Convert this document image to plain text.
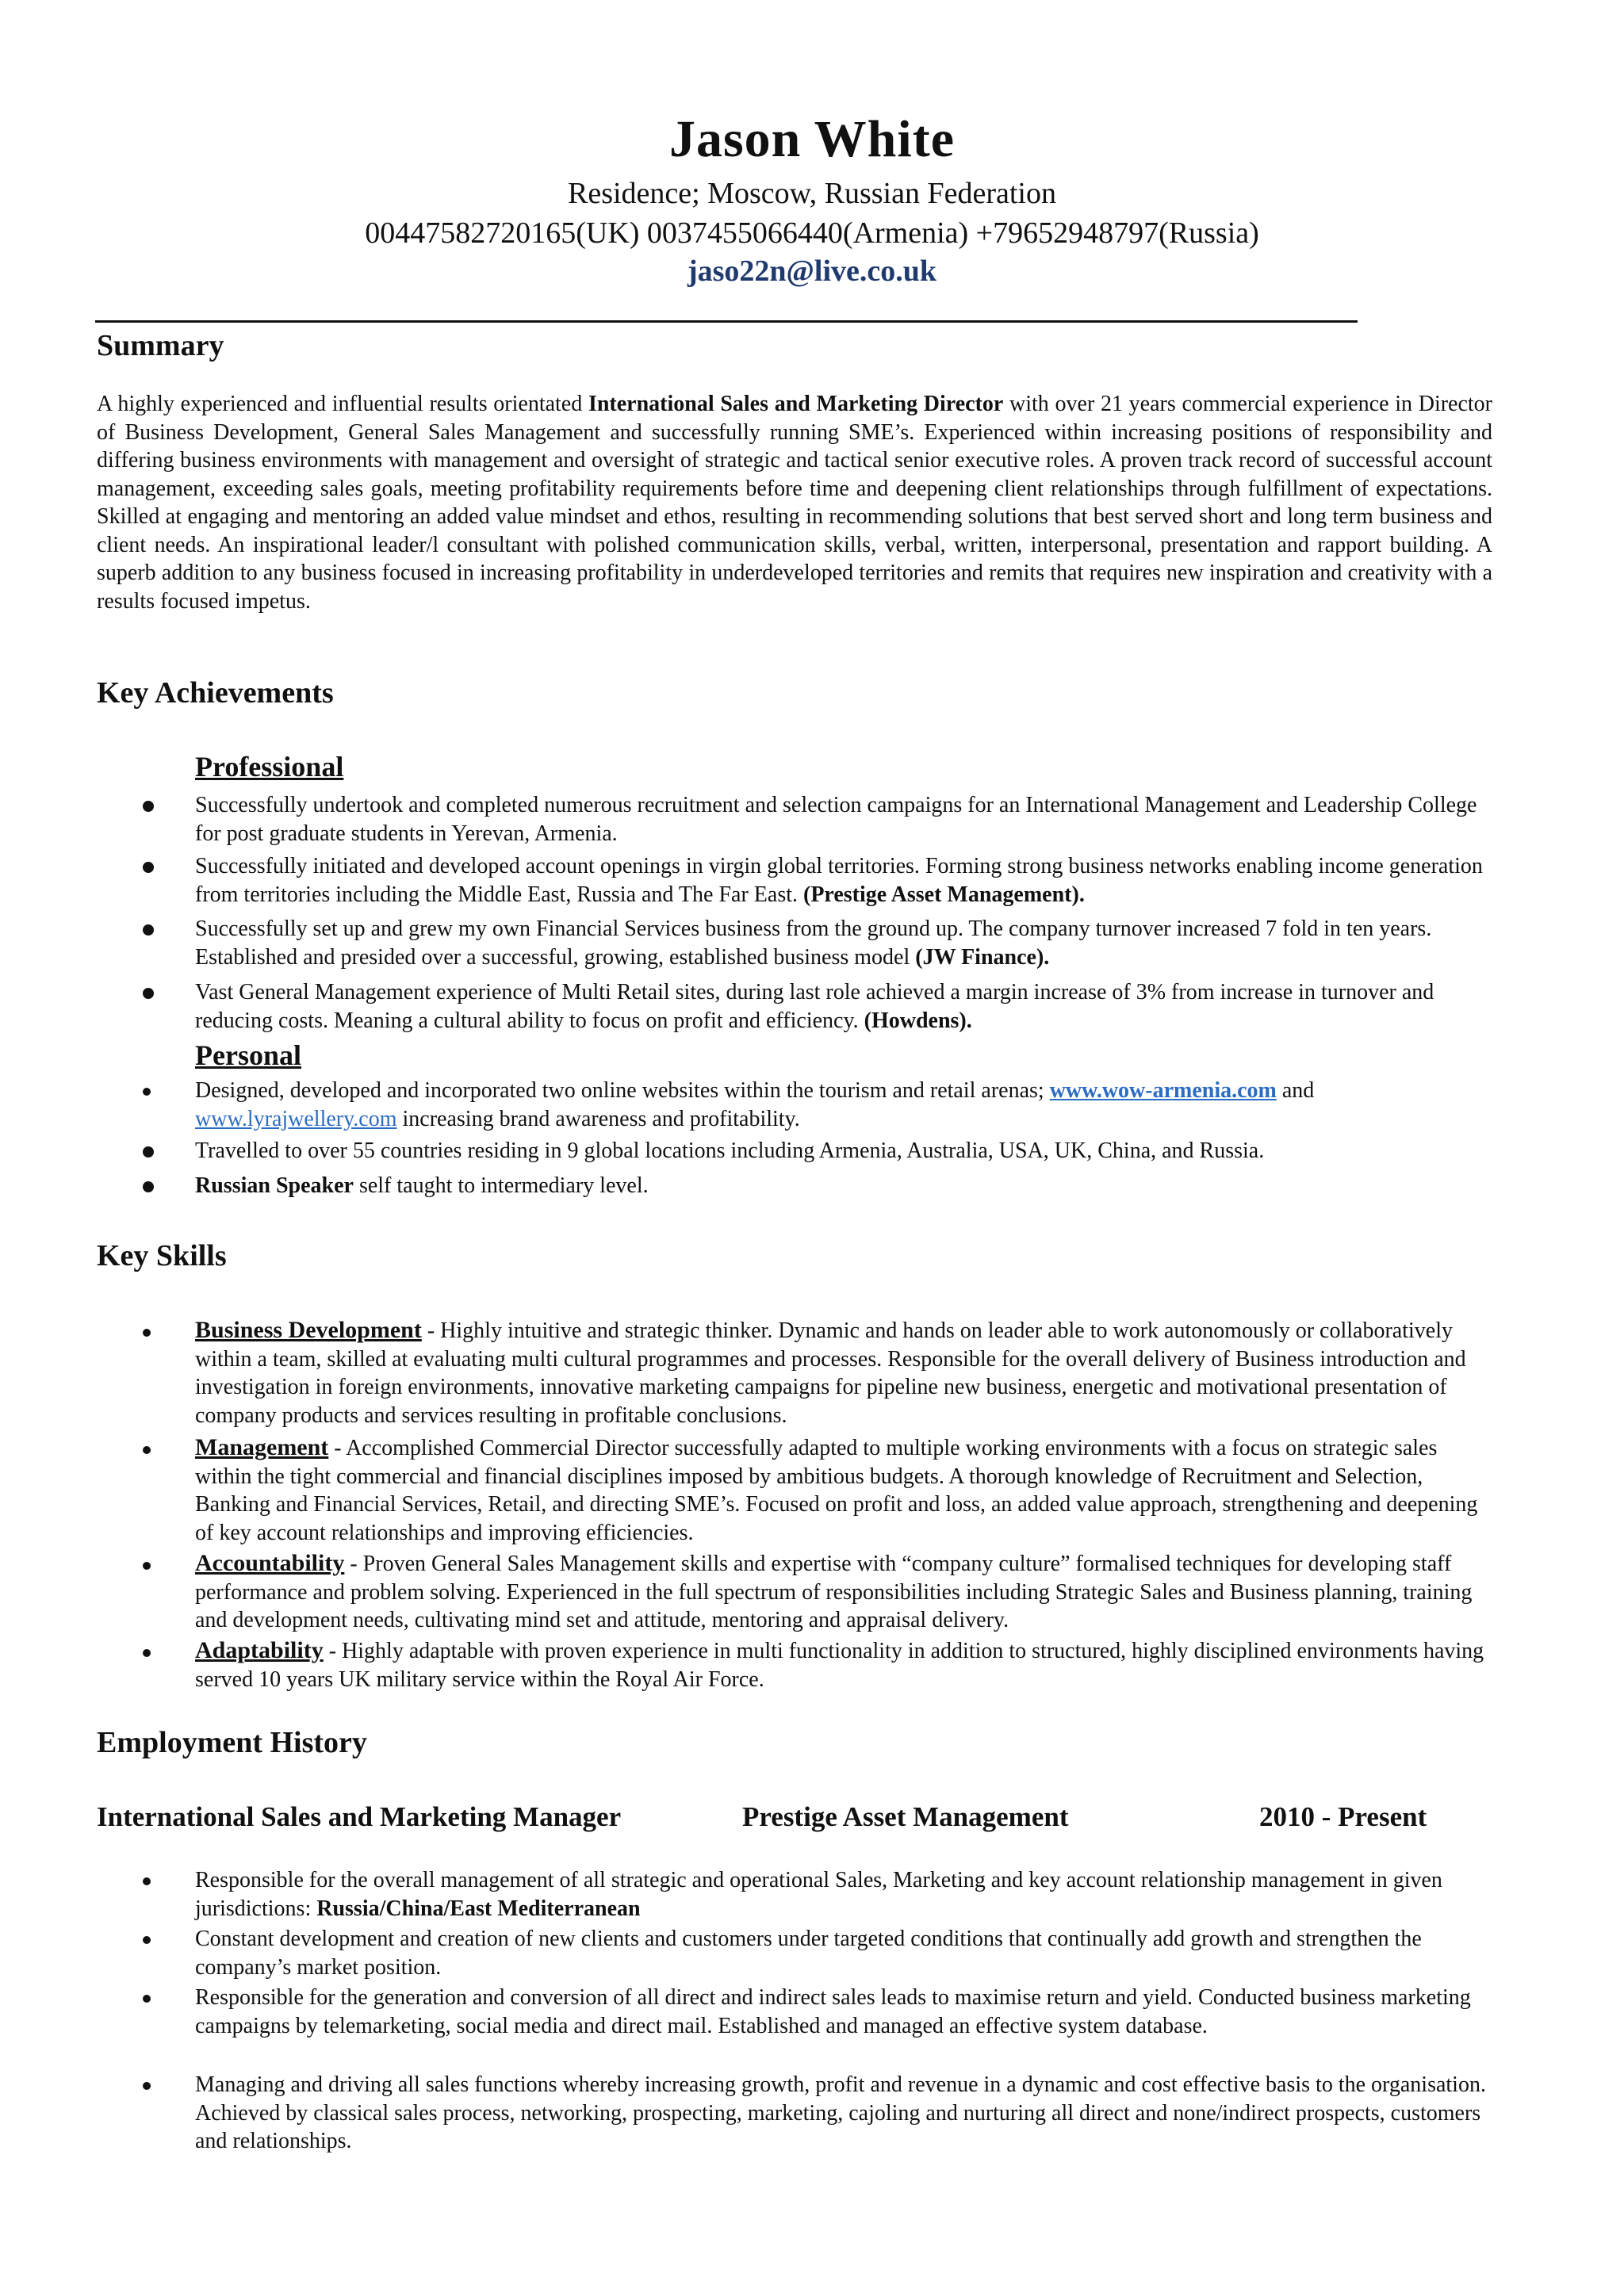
Jason White
Residence; Moscow, Russian Federation
00447582720165(UK) 0037455066440(Armenia) +79652948797(Russia)
jaso22n@live.co.uk
Summary
A highly experienced and influential results orientated International Sales and Marketing Director with over 21 years commercial experience in Director of Business Development, General Sales Management and successfully running SME’s. Experienced within increasing positions of responsibility and differing business environments with management and oversight of strategic and tactical senior executive roles. A proven track record of successful account management, exceeding sales goals, meeting profitability requirements before time and deepening client relationships through fulfillment of expectations. Skilled at engaging and mentoring an added value mindset and ethos, resulting in recommending solutions that best served short and long term business and client needs. An inspirational leader/l consultant with polished communication skills, verbal, written, interpersonal, presentation and rapport building. A superb addition to any business focused in increasing profitability in underdeveloped territories and remits that requires new inspiration and creativity with a results focused impetus.
Key Achievements
Professional
Successfully undertook and completed numerous recruitment and selection campaigns for an International Management and Leadership College for post graduate students in Yerevan, Armenia.
Successfully initiated and developed account openings in virgin global territories. Forming strong business networks enabling income generation from territories including the Middle East, Russia and The Far East. (Prestige Asset Management).
Successfully set up and grew my own Financial Services business from the ground up. The company turnover increased 7 fold in ten years. Established and presided over a successful, growing, established business model (JW Finance).
Vast General Management experience of Multi Retail sites, during last role achieved a margin increase of 3% from increase in turnover and reducing costs. Meaning a cultural ability to focus on profit and efficiency. (Howdens).
Personal
Designed, developed and incorporated two online websites within the tourism and retail arenas; www.wow-armenia.com and www.lyrajwellery.com increasing brand awareness and profitability.
Travelled to over 55 countries residing in 9 global locations including Armenia, Australia, USA, UK, China, and Russia.
Russian Speaker self taught to intermediary level.
Key Skills
Business Development - Highly intuitive and strategic thinker. Dynamic and hands on leader able to work autonomously or collaboratively within a team, skilled at evaluating multi cultural programmes and processes. Responsible for the overall delivery of Business introduction and investigation in foreign environments, innovative marketing campaigns for pipeline new business, energetic and motivational presentation of company products and services resulting in profitable conclusions.
Management - Accomplished Commercial Director successfully adapted to multiple working environments with a focus on strategic sales within the tight commercial and financial disciplines imposed by ambitious budgets. A thorough knowledge of Recruitment and Selection, Banking and Financial Services, Retail, and directing SME’s. Focused on profit and loss, an added value approach, strengthening and deepening of key account relationships and improving efficiencies.
Accountability - Proven General Sales Management skills and expertise with “company culture” formalised techniques for developing staff performance and problem solving. Experienced in the full spectrum of responsibilities including Strategic Sales and Business planning, training and development needs, cultivating mind set and attitude, mentoring and appraisal delivery.
Adaptability - Highly adaptable with proven experience in multi functionality in addition to structured, highly disciplined environments having served 10 years UK military service within the Royal Air Force.
Employment History
International Sales and Marketing Manager	Prestige Asset Management	2010 - Present
Responsible for the overall management of all strategic and operational Sales, Marketing and key account relationship management in given jurisdictions: Russia/China/East Mediterranean
Constant development and creation of new clients and customers under targeted conditions that continually add growth and strengthen the company’s market position.
Responsible for the generation and conversion of all direct and indirect sales leads to maximise return and yield. Conducted business marketing campaigns by telemarketing, social media and direct mail. Established and managed an effective system database.
Managing and driving all sales functions whereby increasing growth, profit and revenue in a dynamic and cost effective basis to the organisation. Achieved by classical sales process, networking, prospecting, marketing, cajoling and nurturing all direct and none/indirect prospects, customers and relationships.
